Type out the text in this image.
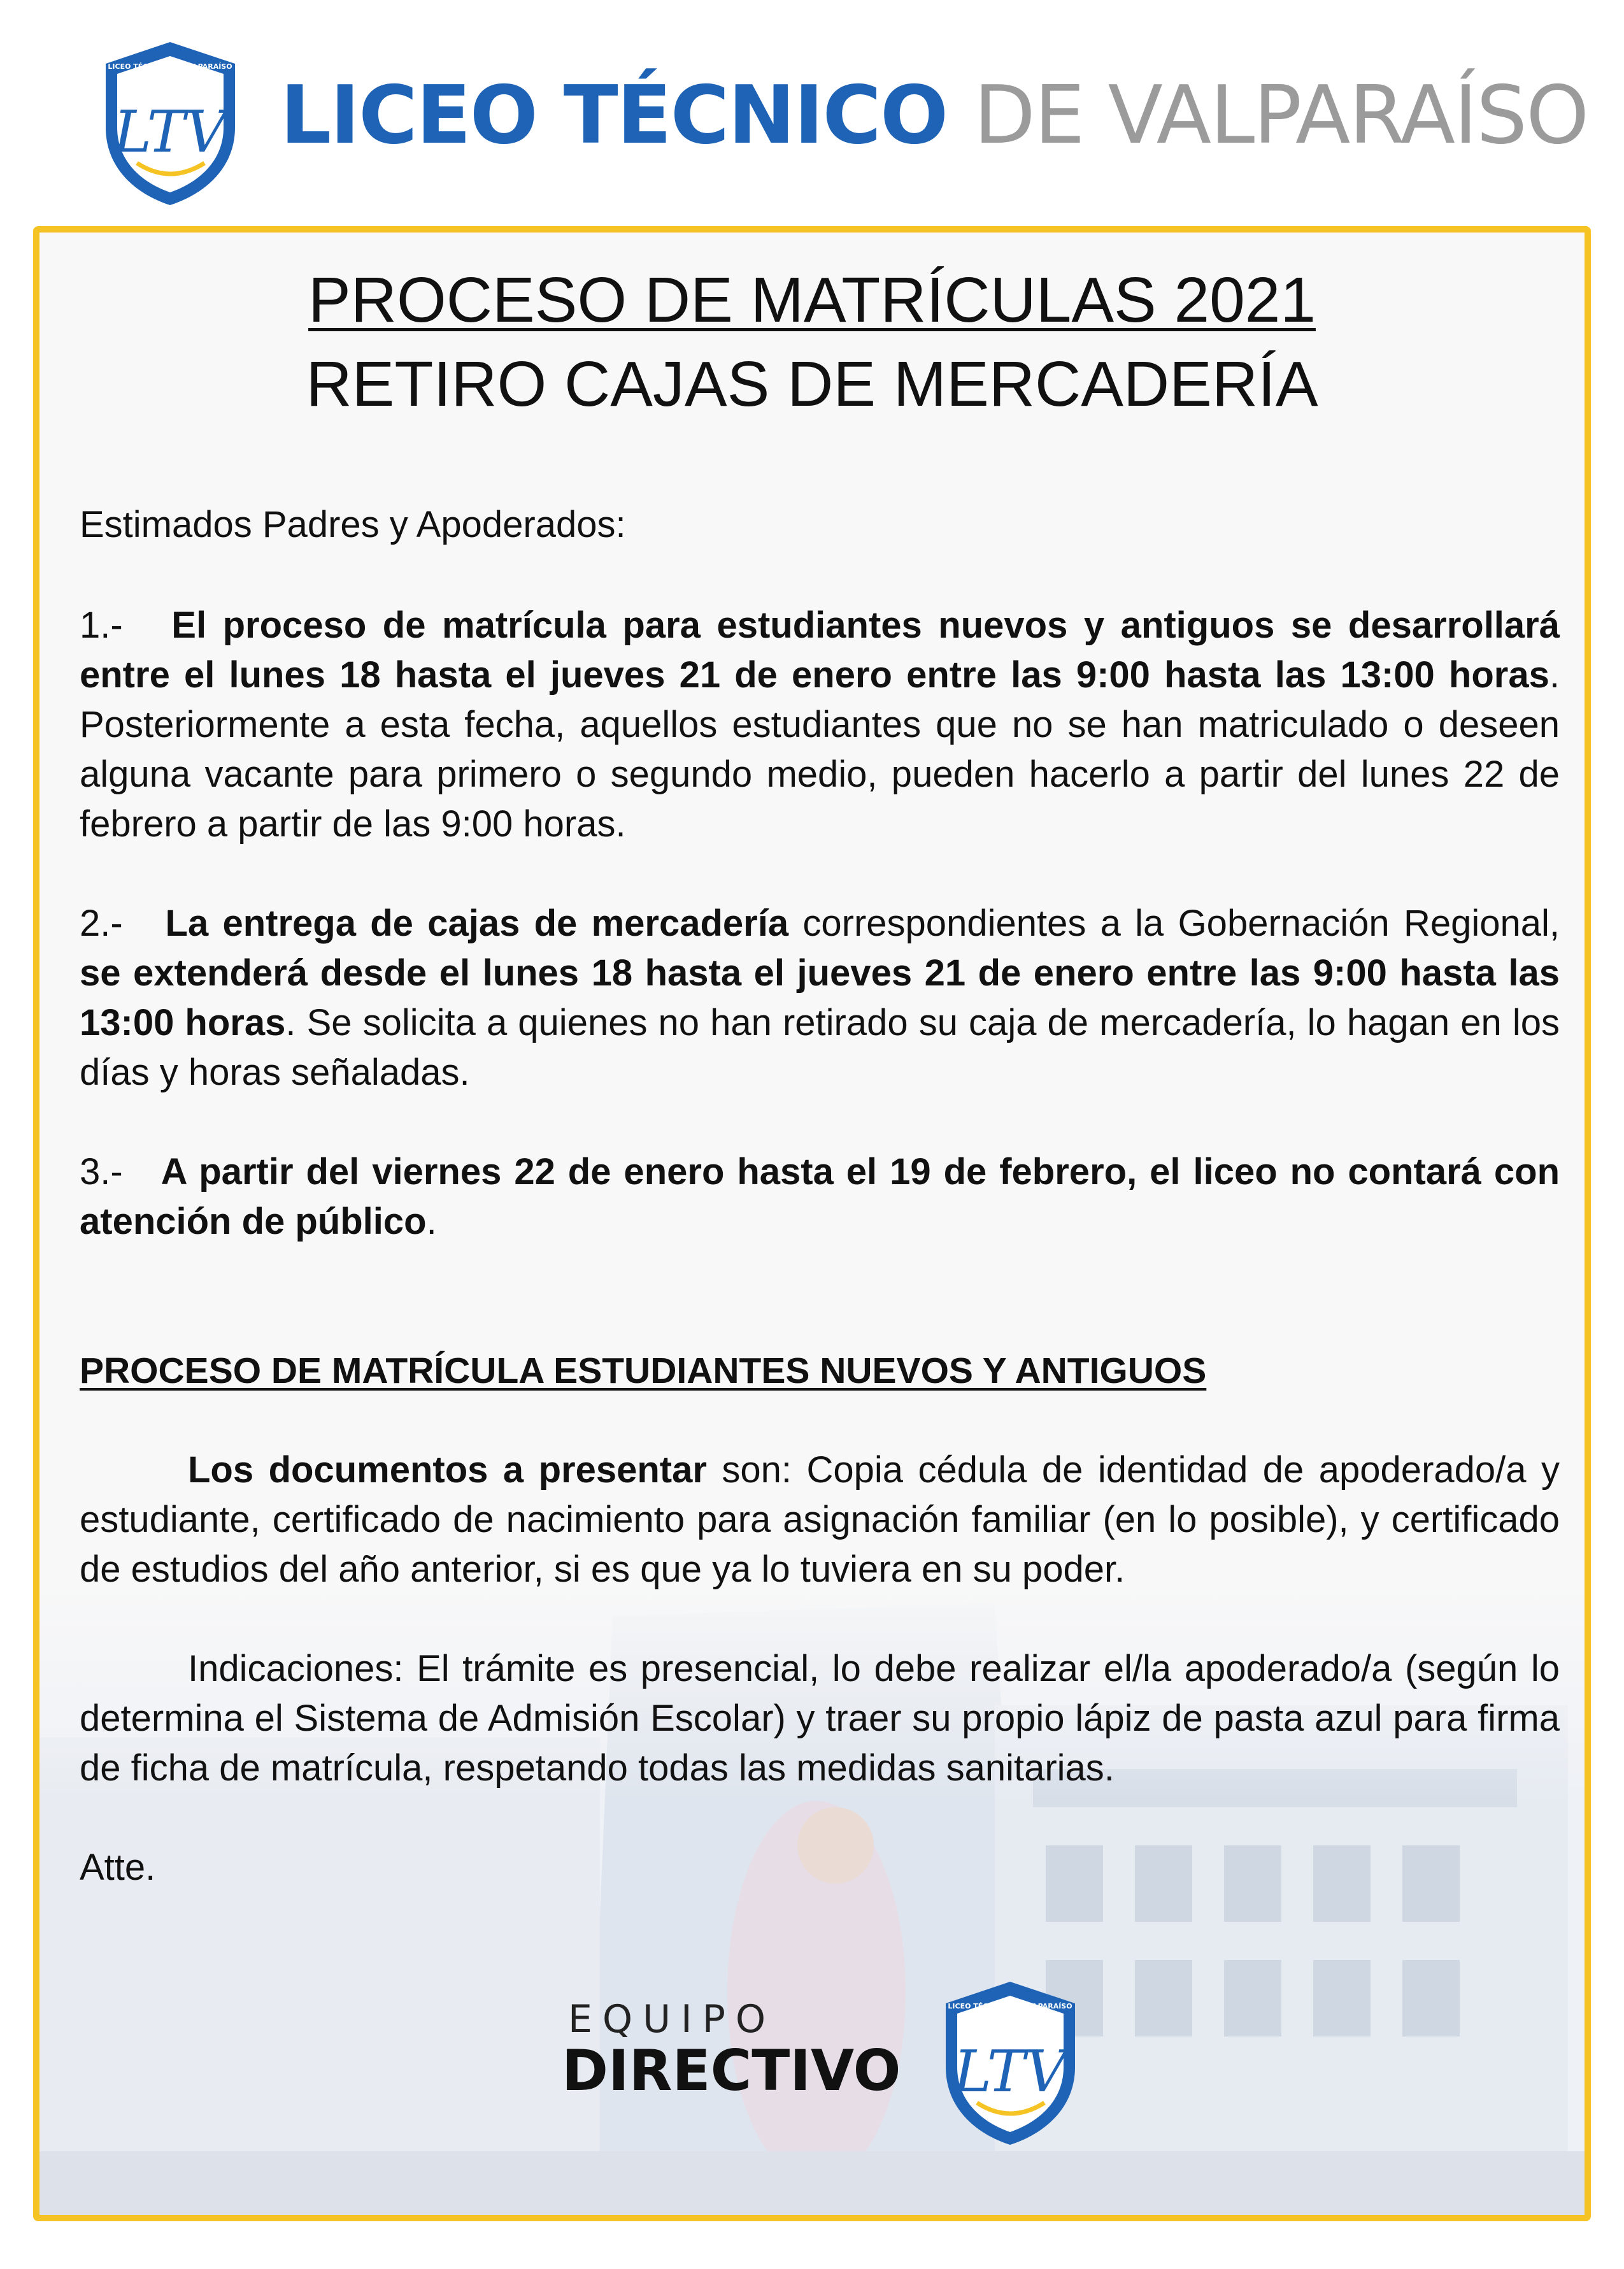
LICEO TÉCNICO DE VALPARAÍSO
LTV LICEO TÉCNICO DE VALPARAÍSO
PROCESO DE MATRÍCULAS 2021
RETIRO CAJAS DE MERCADERÍA

Estimados Padres y Apoderados:

1.- El proceso de matrícula para estudiantes nuevos y antiguos se desarrollará entre el lunes 18 hasta el jueves 21 de enero entre las 9:00 hasta las 13:00 horas. Posteriormente a esta fecha, aquellos estudiantes que no se han matriculado o deseen alguna vacante para primero o segundo medio, pueden hacerlo a partir del lunes 22 de febrero a partir de las 9:00 horas.

2.- La entrega de cajas de mercadería correspondientes a la Gobernación Regional, se extenderá desde el lunes 18 hasta el jueves 21 de enero entre las 9:00 hasta las 13:00 horas. Se solicita a quienes no han retirado su caja de mercadería, lo hagan en los días y horas señaladas.

3.- A partir del viernes 22 de enero hasta el 19 de febrero, el liceo no contará con atención de público.

PROCESO DE MATRÍCULA ESTUDIANTES NUEVOS Y ANTIGUOS

Los documentos a presentar son: Copia cédula de identidad de apoderado/a y estudiante, certificado de nacimiento para asignación familiar (en lo posible), y certificado de estudios del año anterior, si es que ya lo tuviera en su poder.

Indicaciones: El trámite es presencial, lo debe realizar el/la apoderado/a (según lo determina el Sistema de Admisión Escolar) y traer su propio lápiz de pasta azul para firma de ficha de matrícula, respetando todas las medidas sanitarias.

Atte.

EQUIPO
DIRECTIVO
LICEO TÉCNICO DE VALPARAÍSO
LTV
